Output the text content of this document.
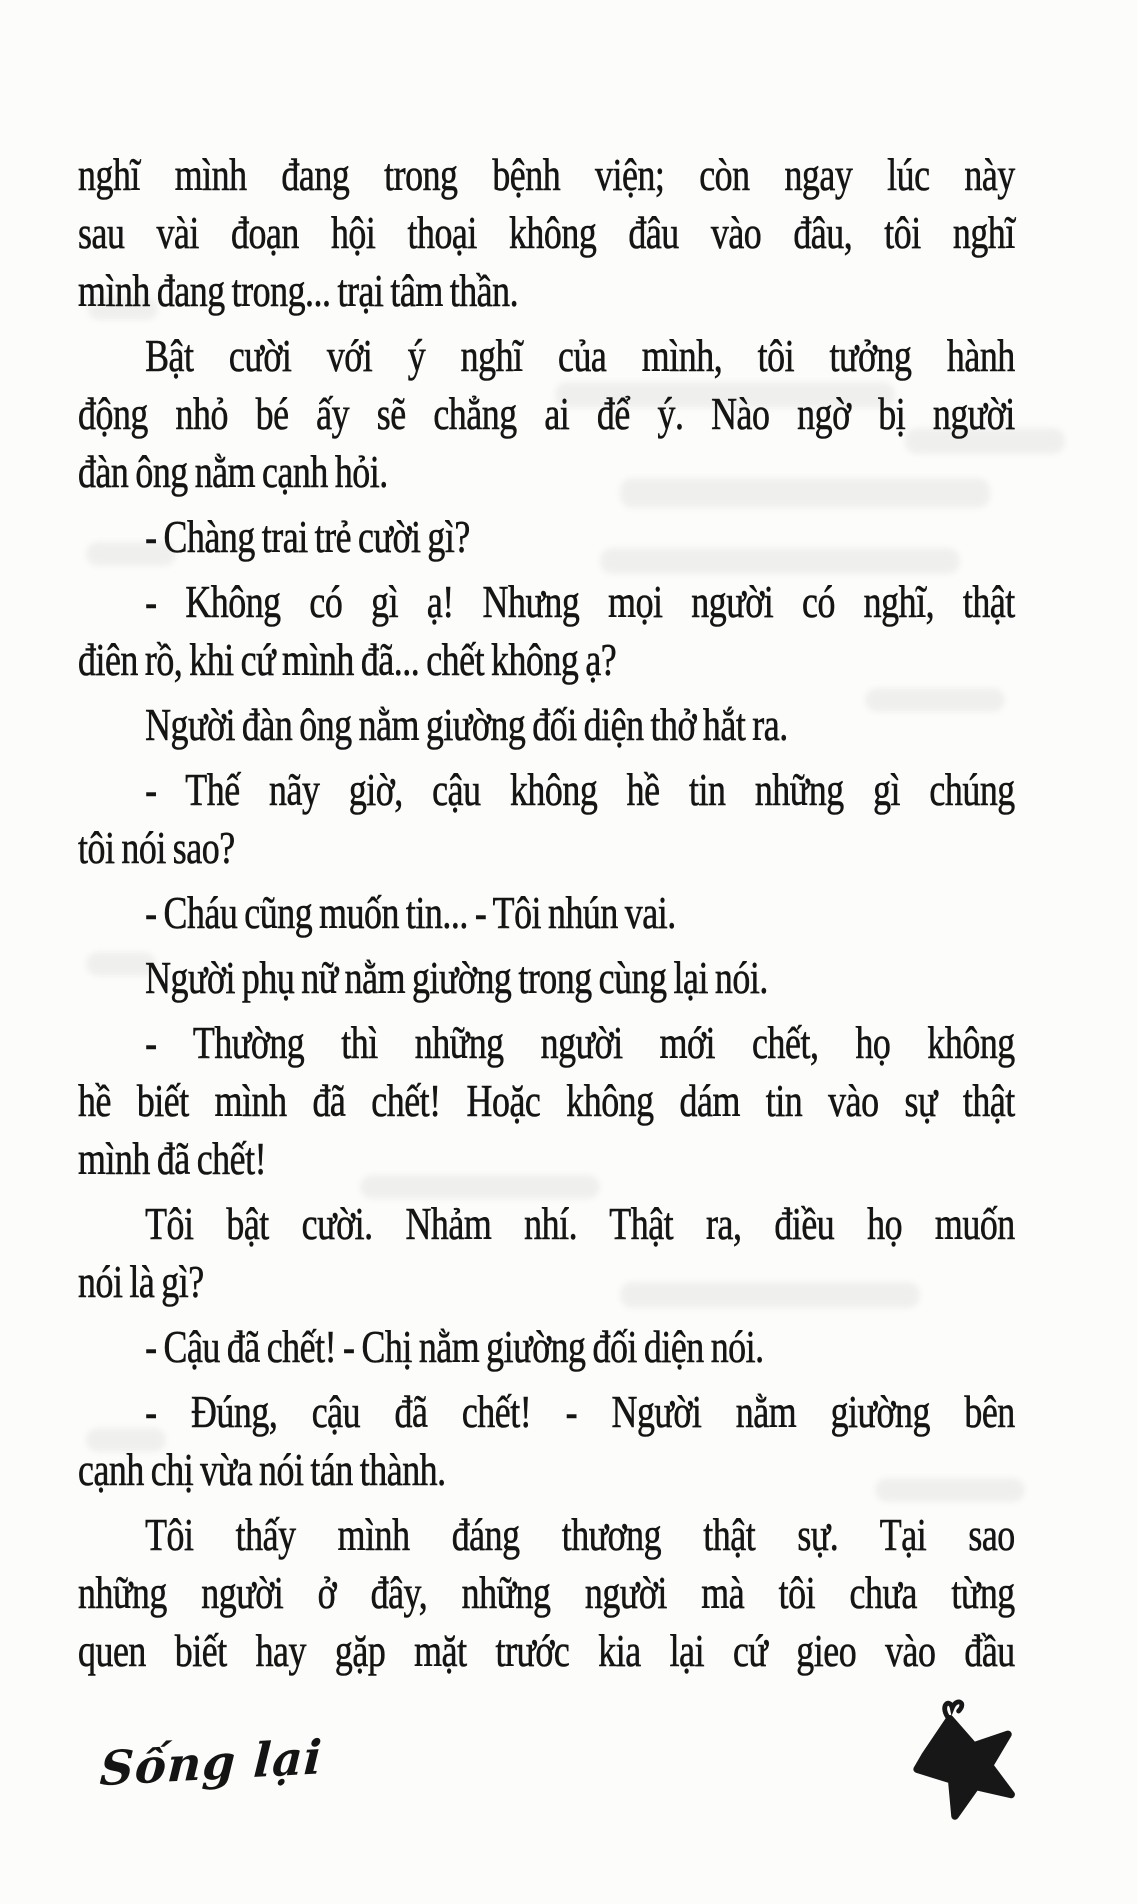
nghĩ mình đang trong bệnh viện; còn ngay lúc này
sau vài đoạn hội thoại không đâu vào đâu, tôi nghĩ
mình đang trong... trại tâm thần.
Bật cười với ý nghĩ của mình, tôi tưởng hành
động nhỏ bé ấy sẽ chẳng ai để ý. Nào ngờ bị người
đàn ông nằm cạnh hỏi.
- Chàng trai trẻ cười gì?
- Không có gì ạ! Nhưng mọi người có nghĩ, thật
điên rồ, khi cứ mình đã... chết không ạ?
Người đàn ông nằm giường đối diện thở hắt ra.
- Thế nãy giờ, cậu không hề tin những gì chúng
tôi nói sao?
- Cháu cũng muốn tin... - Tôi nhún vai.
Người phụ nữ nằm giường trong cùng lại nói.
- Thường thì những người mới chết, họ không
hề biết mình đã chết! Hoặc không dám tin vào sự thật
mình đã chết!
Tôi bật cười. Nhảm nhí. Thật ra, điều họ muốn
nói là gì?
- Cậu đã chết! - Chị nằm giường đối diện nói.
- Đúng, cậu đã chết! - Người nằm giường bên
cạnh chị vừa nói tán thành.
Tôi thấy mình đáng thương thật sự. Tại sao
những người ở đây, những người mà tôi chưa từng
quen biết hay gặp mặt trước kia lại cứ gieo vào đầu
Sống lại
